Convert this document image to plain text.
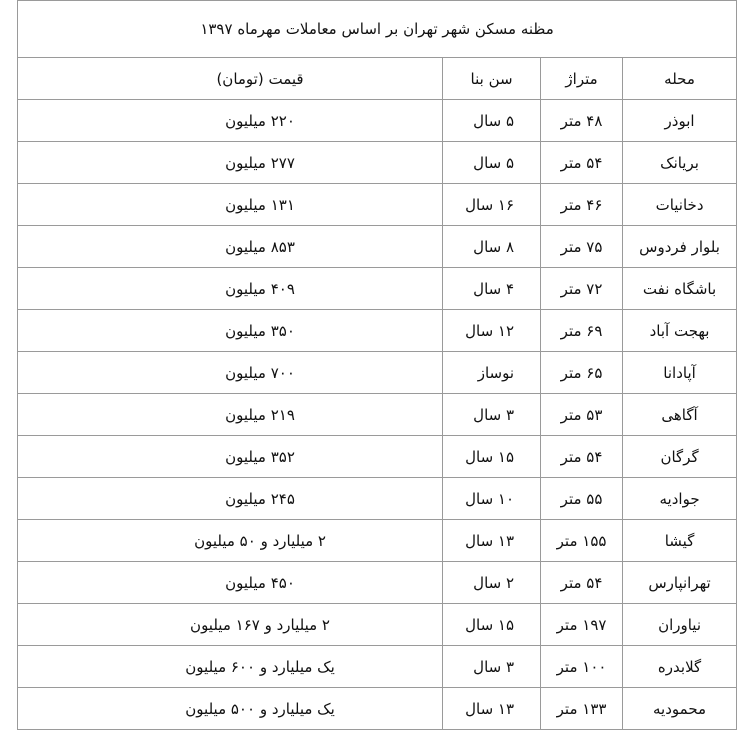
مظنه مسکن شهر تهران بر اساس معاملات مهرماه ۱۳۹۷			
محله	متراژ	سن بنا	قیمت (تومان)
ابوذر	۴۸ متر	۵ سال	۲۲۰ میلیون
بریانک	۵۴ متر	۵ سال	۲۷۷ میلیون
دخانیات	۴۶ متر	۱۶ سال	۱۳۱ میلیون
بلوار فردوس	۷۵ متر	۸ سال	۸۵۳ میلیون
باشگاه نفت	۷۲ متر	۴ سال	۴۰۹ میلیون
بهجت آباد	۶۹ متر	۱۲ سال	۳۵۰ میلیون
آپادانا	۶۵ متر	نوساز	۷۰۰ میلیون
آگاهی	۵۳ متر	۳ سال	۲۱۹ میلیون
گرگان	۵۴ متر	۱۵ سال	۳۵۲ میلیون
جوادیه	۵۵ متر	۱۰ سال	۲۴۵ میلیون
گیشا	۱۵۵ متر	۱۳ سال	۲ میلیارد و ۵۰ میلیون
تهرانپارس	۵۴ متر	۲ سال	۴۵۰ میلیون
نیاوران	۱۹۷ متر	۱۵ سال	۲ میلیارد و ۱۶۷ میلیون
گلابدره	۱۰۰ متر	۳ سال	یک میلیارد و ۶۰۰ میلیون
محمودیه	۱۳۳ متر	۱۳ سال	یک میلیارد و ۵۰۰ میلیون
